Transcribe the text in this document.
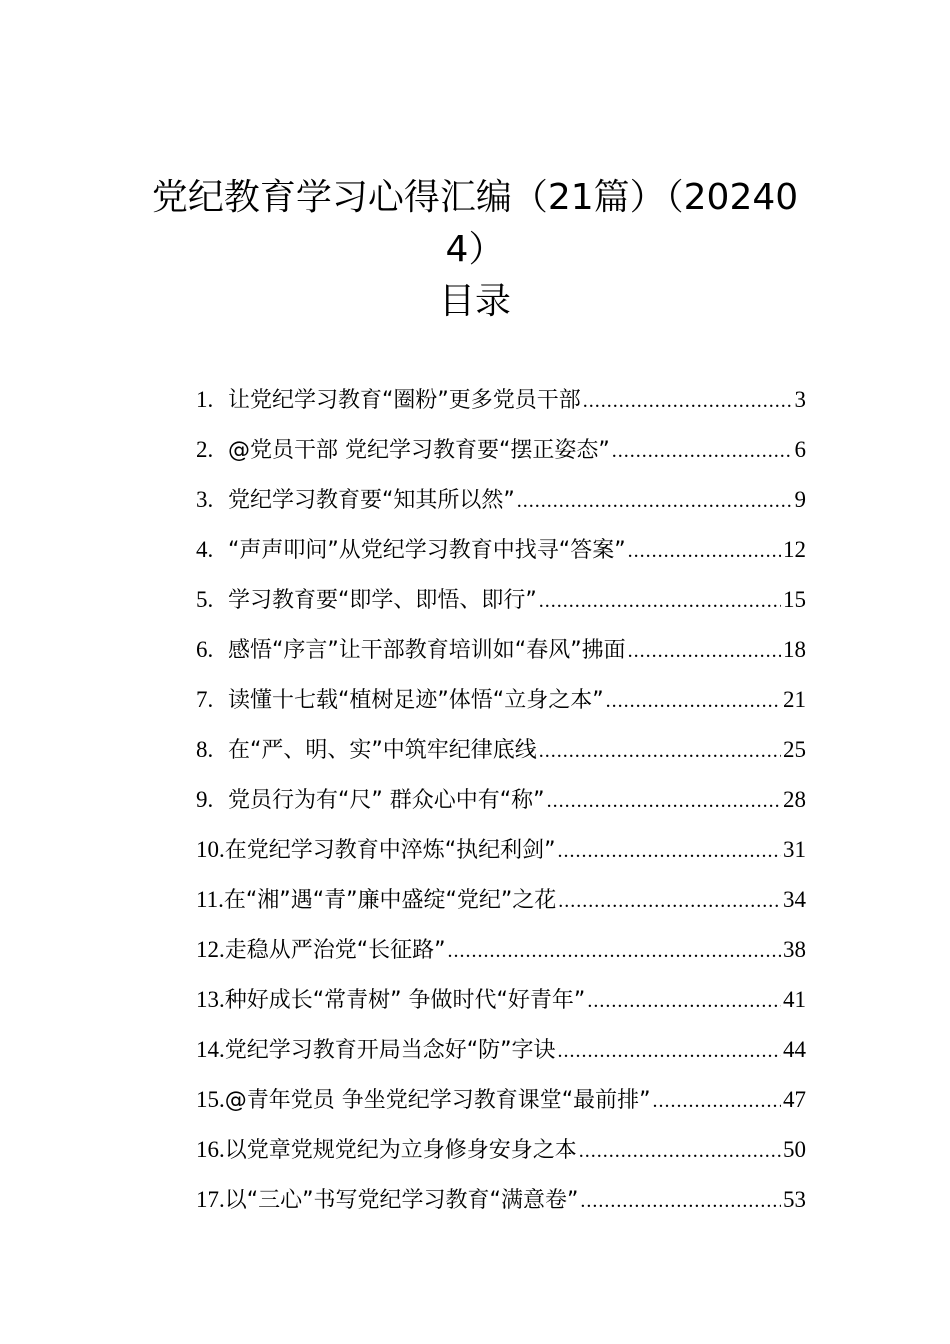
党纪教育学习心得汇编（21篇）（20240
4）
目录
1. 让党纪学习教育“圈粉”更多党员干部 .....	3
2. @党员干部 党纪学习教育要“摆正姿态” .....	6
3. 党纪学习教育要“知其所以然” .....	9
4. “声声叩问”从党纪学习教育中找寻“答案” .....	12
5. 学习教育要“即学、即悟、即行” .....	15
6. 感悟“序言”让干部教育培训如“春风”拂面 .....	18
7. 读懂十七载“植树足迹”体悟“立身之本” .....	21
8. 在“严、明、实”中筑牢纪律底线 .....	25
9. 党员行为有“尺” 群众心中有“称” .....	28
10. 在党纪学习教育中淬炼“执纪利剑” .....	31
11. 在“湘”遇“青”廉中盛绽“党纪”之花 .....	34
12. 走稳从严治党“长征路” .....	38
13. 种好成长“常青树” 争做时代“好青年” .....	41
14. 党纪学习教育开局当念好“防”字诀 .....	44
15. @青年党员 争坐党纪学习教育课堂“最前排” .....	47
16. 以党章党规党纪为立身修身安身之本 .....	50
17. 以“三心”书写党纪学习教育“满意卷” .....	53
